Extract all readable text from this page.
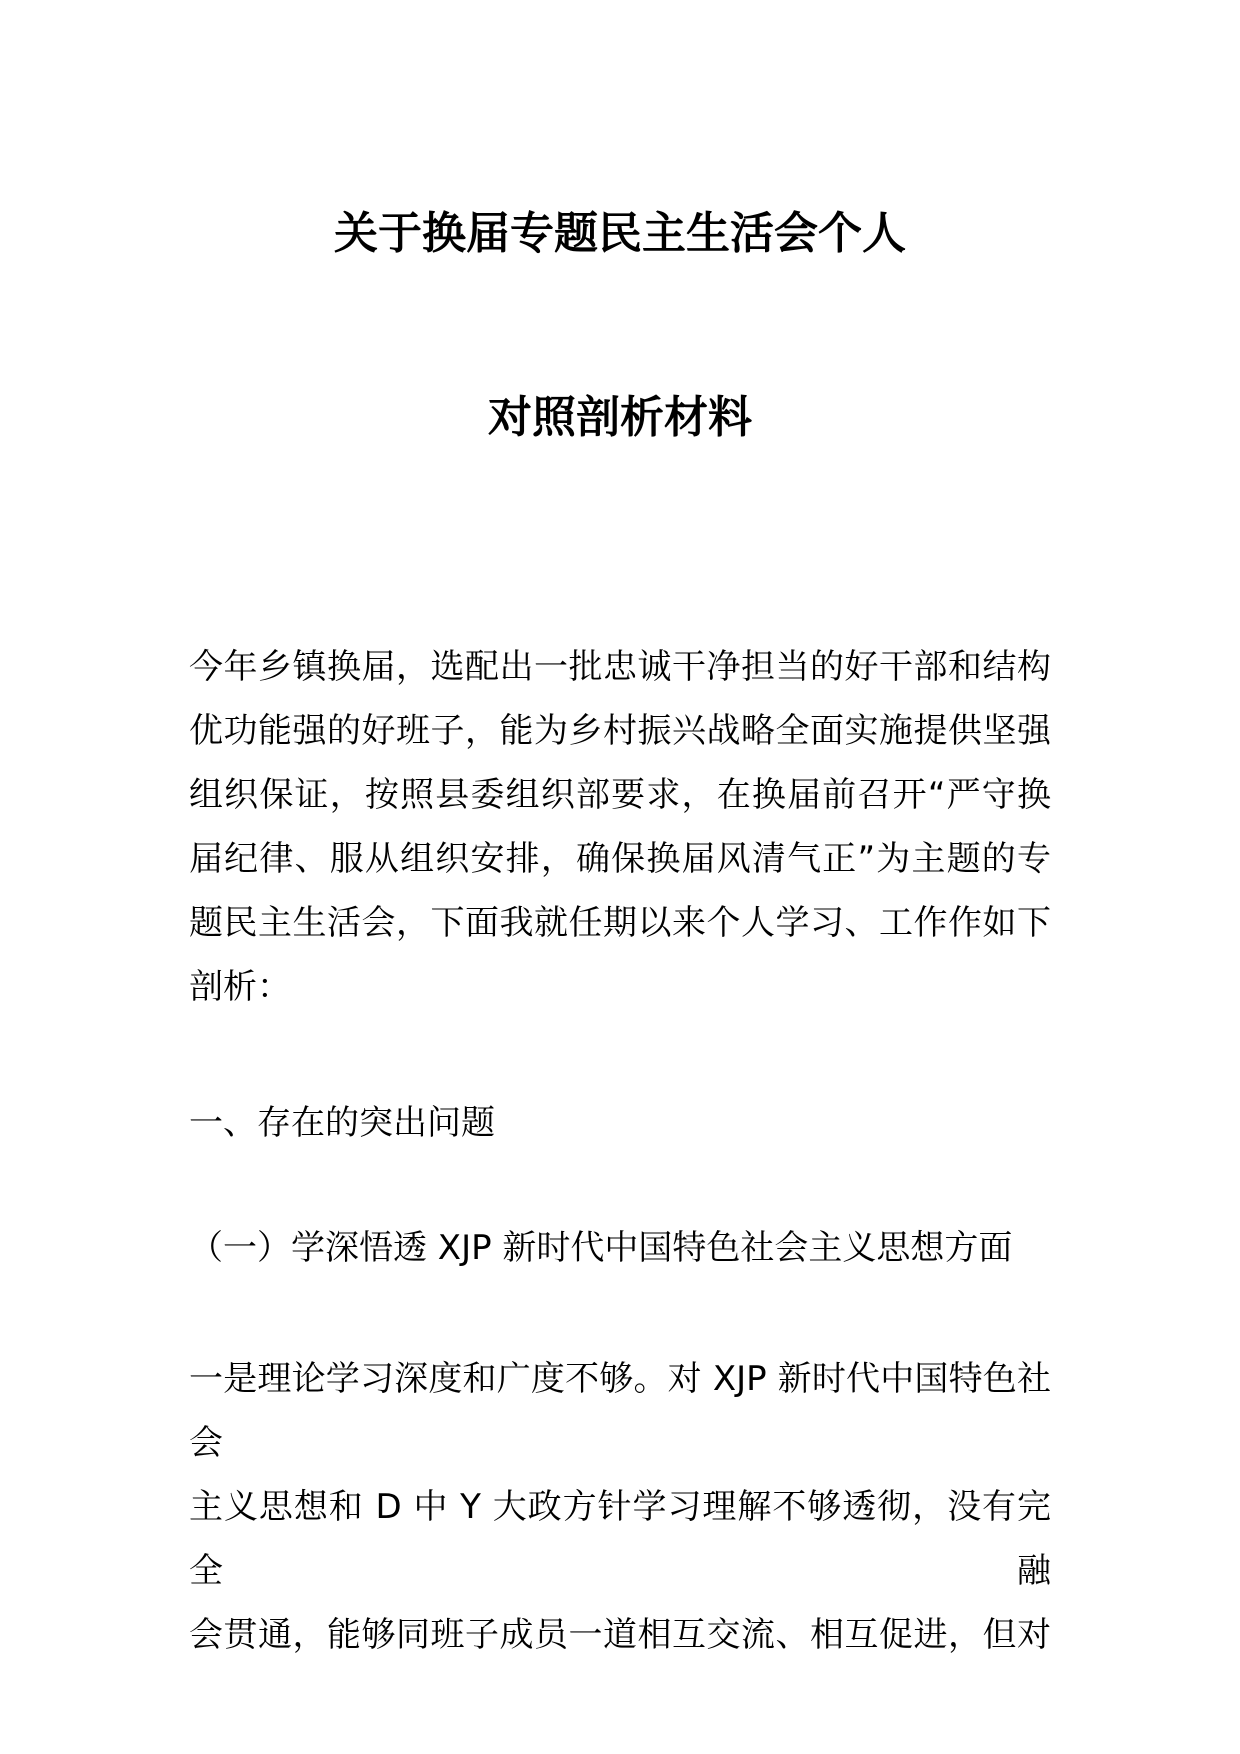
关于换届专题民主生活会个人
对照剖析材料
今年乡镇换届，选配出一批忠诚干净担当的好干部和结构
优功能强的好班子，能为乡村振兴战略全面实施提供坚强
组织保证，按照县委组织部要求，在换届前召开“严守换
届纪律、服从组织安排，确保换届风清气正”为主题的专
题民主生活会，下面我就任期以来个人学习、工作作如下
剖析：
一、存在的突出问题
（一）学深悟透 XJP 新时代中国特色社会主义思想方面
一是理论学习深度和广度不够。对 XJP 新时代中国特色社会
主义思想和 D 中 Y 大政方针学习理解不够透彻，没有完全融
会贯通，能够同班子成员一道相互交流、相互促进，但对
